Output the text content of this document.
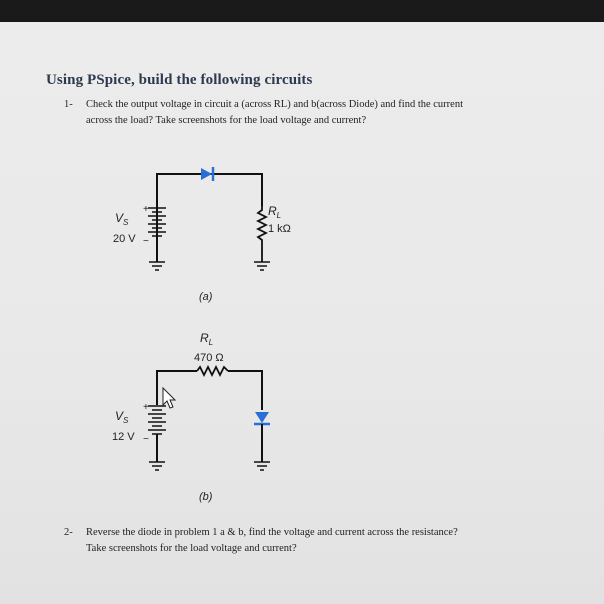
Using PSpice, build the following circuits
1- Check the output voltage in circuit a (across RL) and b(across Diode) and find the current
across the load? Take screenshots for the load voltage and current?
+
−
$V_S$
20 V
$R_L$
1 kΩ
(a)
+
−
$V_S$
12 V
$R_L$
470 Ω
(b)
2- Reverse the diode in problem 1 a & b, find the voltage and current across the resistance?
Take screenshots for the load voltage and current?
